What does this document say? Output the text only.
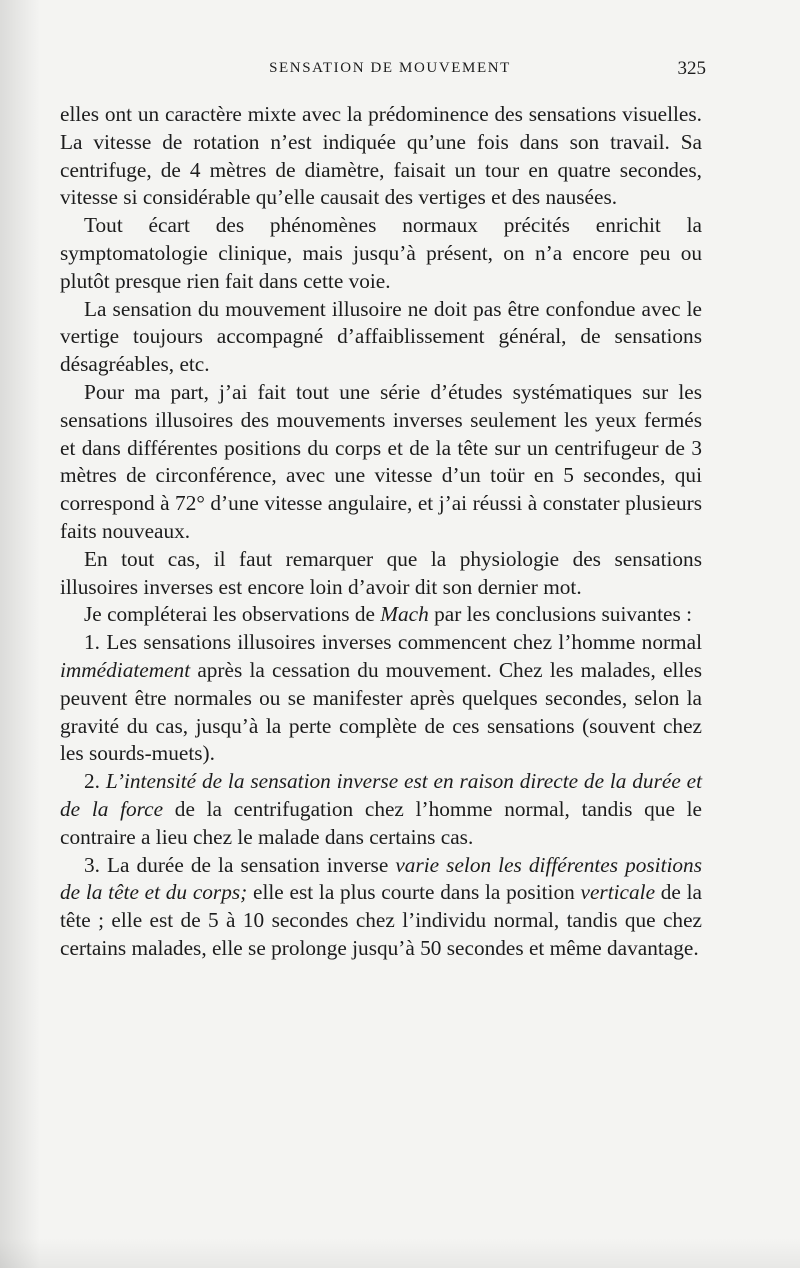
SENSATION DE MOUVEMENT	325

elles ont un caractère mixte avec la prédominence des sensations visuelles. La vitesse de rotation n’est indiquée qu’une fois dans son travail. Sa centrifuge, de 4 mètres de diamètre, faisait un tour en quatre secondes, vitesse si considérable qu’elle causait des vertiges et des nausées.

Tout écart des phénomènes normaux précités enrichit la symptomatologie clinique, mais jusqu’à présent, on n’a encore peu ou plutôt presque rien fait dans cette voie.

La sensation du mouvement illusoire ne doit pas être confondue avec le vertige toujours accompagné d’affaiblissement général, de sensations désagréables, etc.

Pour ma part, j’ai fait tout une série d’études systématiques sur les sensations illusoires des mouvements inverses seulement les yeux fermés et dans différentes positions du corps et de la tête sur un centrifugeur de 3 mètres de circonférence, avec une vitesse d’un toür en 5 secondes, qui correspond à 72° d’une vitesse angulaire, et j’ai réussi à constater plusieurs faits nouveaux.

En tout cas, il faut remarquer que la physiologie des sensations illusoires inverses est encore loin d’avoir dit son dernier mot.

Je compléterai les observations de Mach par les conclusions suivantes :

1. Les sensations illusoires inverses commencent chez l’homme normal immédiatement après la cessation du mouvement. Chez les malades, elles peuvent être normales ou se manifester après quelques secondes, selon la gravité du cas, jusqu’à la perte complète de ces sensations (souvent chez les sourds-muets).

2. L’intensité de la sensation inverse est en raison directe de la durée et de la force de la centrifugation chez l’homme normal, tandis que le contraire a lieu chez le malade dans certains cas.

3. La durée de la sensation inverse varie selon les différentes positions de la tête et du corps; elle est la plus courte dans la position verticale de la tête ; elle est de 5 à 10 secondes chez l’individu normal, tandis que chez certains malades, elle se prolonge jusqu’à 50 secondes et même davantage.
